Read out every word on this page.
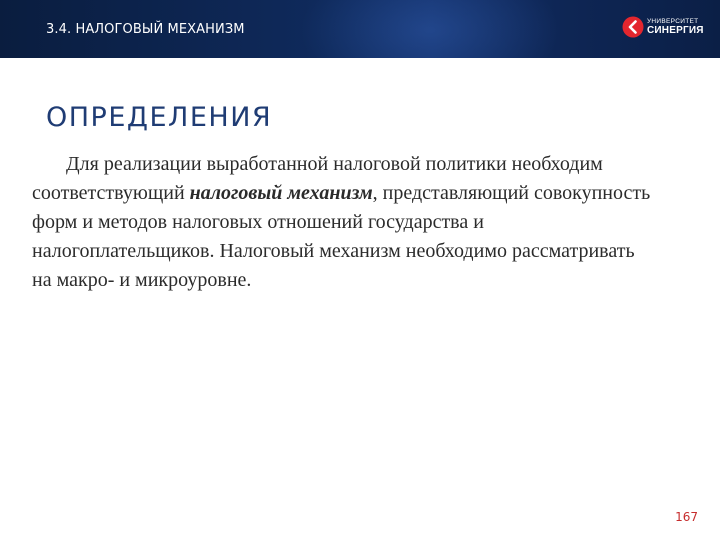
3.4. НАЛОГОВЫЙ МЕХАНИЗМ
УНИВЕРСИТЕТ
СИНЕРГИЯ
ОПРЕДЕЛЕНИЯ

Для реализации выработанной налоговой политики необходим соответствующий налоговый механизм, представляющий совокупность форм и методов налоговых отношений государства и налогоплательщиков. Налоговый механизм необходимо рассматривать на макро- и микроуровне.

167
